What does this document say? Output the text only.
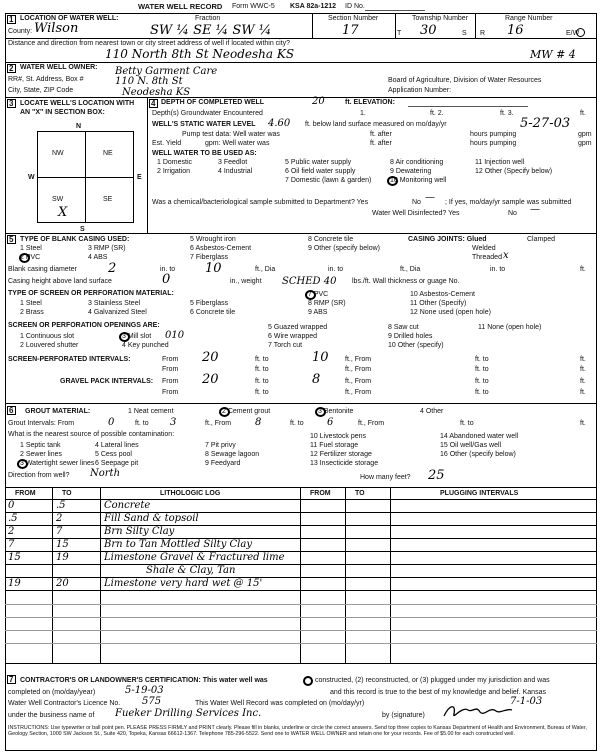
WATER WELL RECORD Form WWC-5 KSA 82a-1212 ID No.
1 LOCATION OF WATER WELL:
County: Wilson
Fraction
SW ¼ SE ¼ SW ¼
Section Number
17
Township Number
T 30	S
Range Number
R 16	E/W
Distance and direction from nearest town or city street address of well if located within city?
110 North 8th St Neodesha KS	MW # 4
2 WATER WELL OWNER: Betty Garment Care
RR#, St. Address, Box #	110 N. 8th St
City, State, ZIP Code	Neodesha KS
Board of Agriculture, Division of Water Resources
Application Number:
3 LOCATE WELL'S LOCATION WITH AN "X" IN SECTION BOX:
N
NW	NE
SW	SE
W	E
S
X
4 DEPTH OF COMPLETED WELL	20	ft. ELEVATION:
Depth(s) Groundwater Encountered	1.	ft. 2.	ft. 3.	ft.
WELL'S STATIC WATER LEVEL 4.60 ft. below land surface measured on mo/day/yr	5-27-03
Pump test data: Well water was	ft. after	hours pumping	gpm
Est. Yield	gpm: Well water was	ft. after	hours pumping	gpm
WELL WATER TO BE USED AS:
1 Domestic	3 Feedlot	5 Public water supply	8 Air conditioning	11 Injection well
2 Irrigation	4 Industrial	6 Oil field water supply
7 Domestic (lawn & garden)
9 Dewatering
10 Monitoring well
12 Other (Specify below)
Was a chemical/bacteriological sample submitted to Department? Yes	No — ; If yes, mo/day/yr sample was submitted
Water Well Disinfected? Yes	No —
5 TYPE OF BLANK CASING USED:
1 Steel	3 RMP (SR)
5 Wrought iron	8 Concrete tile
2 PVC	4 ABS
6 Asbestos-Cement	9 Other (specify below)
7 Fiberglass
CASING JOINTS: Glued	Clamped
Welded
Threaded x
Blank casing diameter 2	in. to 10	ft., Dia	in. to	ft., Dia	in. to	ft.
Casing height above land surface	0	in., weight SCHED 40 lbs./ft. Wall thickness or guage No.
TYPE OF SCREEN OR PERFORATION MATERIAL:
1 Steel	3 Stainless Steel	5 Fiberglass
7 PVC	10 Asbestos-Cement
2 Brass	4 Galvanized Steel	6 Concrete tile
8 RMP (SR)	11 Other (Specify)
9 ABS	12 None used (open hole)
SCREEN OR PERFORATION OPENINGS ARE:
1 Continuous slot	3 Mill slot 010
5 Guazed wrapped	8 Saw cut	11 None (open hole)
2 Louvered shutter	4 Key punched
6 Wire wrapped	9 Drilled holes
7 Torch cut	10 Other (specify)
SCREEN-PERFORATED INTERVALS:	From 20	ft. to	10 ft., From	ft. to	ft.
From	ft. to	ft., From	ft. to	ft.
GRAVEL PACK INTERVALS: From 20	ft. to	8	ft., From	ft. to	ft.
From	ft. to	ft., From	ft. to	ft.
6 GROUT MATERIAL:	1 Neat cement	2 Cement grout	3 Bentonite	4 Other
Grout Intervals: From	0	ft. to 3	ft., From 8	ft. to 6	ft., From	ft. to	ft.
What is the nearest source of possible contamination:
1 Septic tank	4 Lateral lines	7 Pit privy
10 Livestock pens	14 Abandoned water well
2 Sewer lines	5 Cess pool	8 Sewage lagoon
11 Fuel storage	15 Oil well/Gas well
3 Watertight sewer lines 6 Seepage pit	9 Feedyard
12 Fertilizer storage	16 Other (specify below)
13 Insecticide storage
Direction from well? North	How many feet? 25
FROM	TO	LITHOLOGIC LOG	FROM	TO	PLUGGING INTERVALS
0	.5	Concrete
.5	2	Fill Sand & topsoil
2	7	Brn Silty Clay
7	15	Brn to Tan Mottled Silty Clay
15	19	Limestone Gravel & Fractured lime
Shale & Clay, Tan
19	20	Limestone very hard wet @ 15'
7 CONTRACTOR'S OR LANDOWNER'S CERTIFICATION: This water well was	constructed, (2) reconstructed, or (3) plugged under my jurisdiction and was
completed on (mo/day/year)	5-19-03	and this record is true to the best of my knowledge and belief. Kansas
Water Well Contractor's Licence No. 575	This Water Well Record was completed on (mo/day/yr)	7-1-03
under the business name of Fueker Drilling Services Inc.	by (signature)
INSTRUCTIONS: Use typewriter or ball point pen. PLEASE PRESS FIRMLY and PRINT clearly. Please fill in blanks, underline or circle the correct answers. Send top three copies to Kansas Department of Health and Environment, Bureau of Water, Geology Section, 1000 SW Jackson St., Suite 420, Topeka, Kansas 66612-1367. Telephone 785-296-5522. Send one to WATER WELL OWNER and retain one for your records. Fee of $5.00 for each constructed well.
